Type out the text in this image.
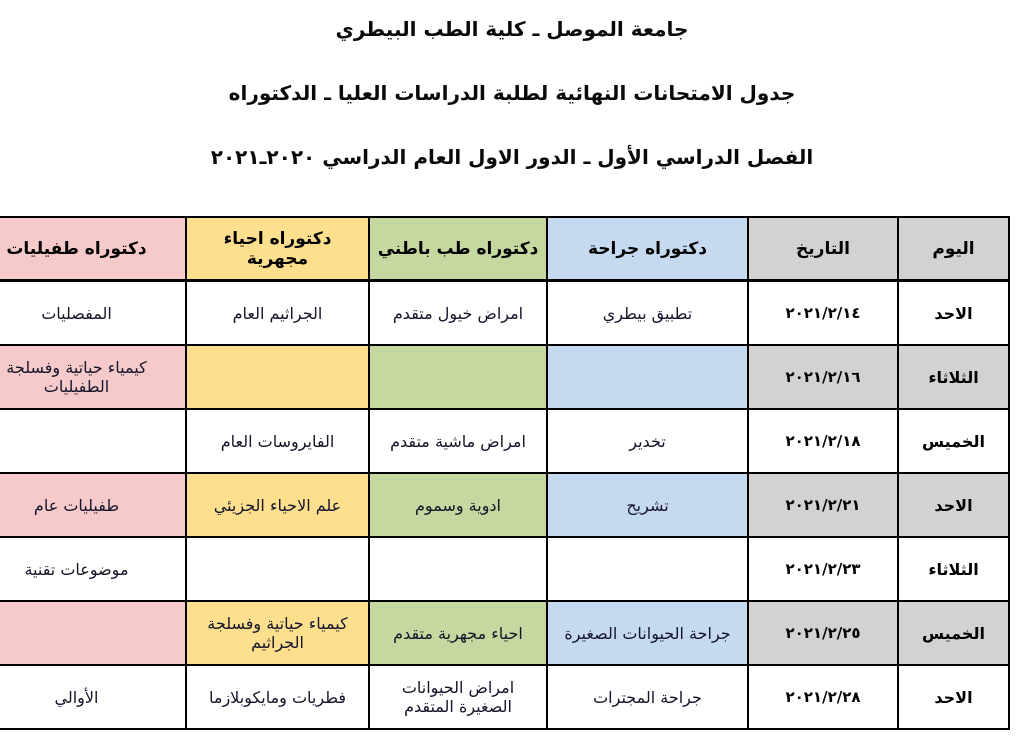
جامعة الموصل ـ كلية الطب البيطري

جدول الامتحانات النهائية لطلبة الدراسات العليا ـ الدكتوراه

الفصل الدراسي الأول ـ الدور الاول العام الدراسي ٢٠٢٠ـ٢٠٢١

اليوم	التاريخ	دكتوراه جراحة	دكتوراه طب باطني	دكتوراه احياء مجهرية	دكتوراه طفيليات
الاحد	٢٠٢١/٢/١٤	تطبيق بيطري	امراض خيول متقدم	الجراثيم العام	المفصليات
الثلاثاء	٢٠٢١/٢/١٦				كيمياء حياتية وفسلجة الطفيليات
الخميس	٢٠٢١/٢/١٨	تخدير	امراض ماشية متقدم	الفايروسات العام	
الاحد	٢٠٢١/٢/٢١	تشريح	ادوية وسموم	علم الاحياء الجزيئي	طفيليات عام
الثلاثاء	٢٠٢١/٢/٢٣				موضوعات تقنية
الخميس	٢٠٢١/٢/٢٥	جراحة الحيوانات الصغيرة	احياء مجهرية متقدم	كيمياء حياتية وفسلجة الجراثيم	
الاحد	٢٠٢١/٢/٢٨	جراحة المجترات	امراض الحيوانات الصغيرة المتقدم	فطريات ومايكوبلازما	الأوالي
